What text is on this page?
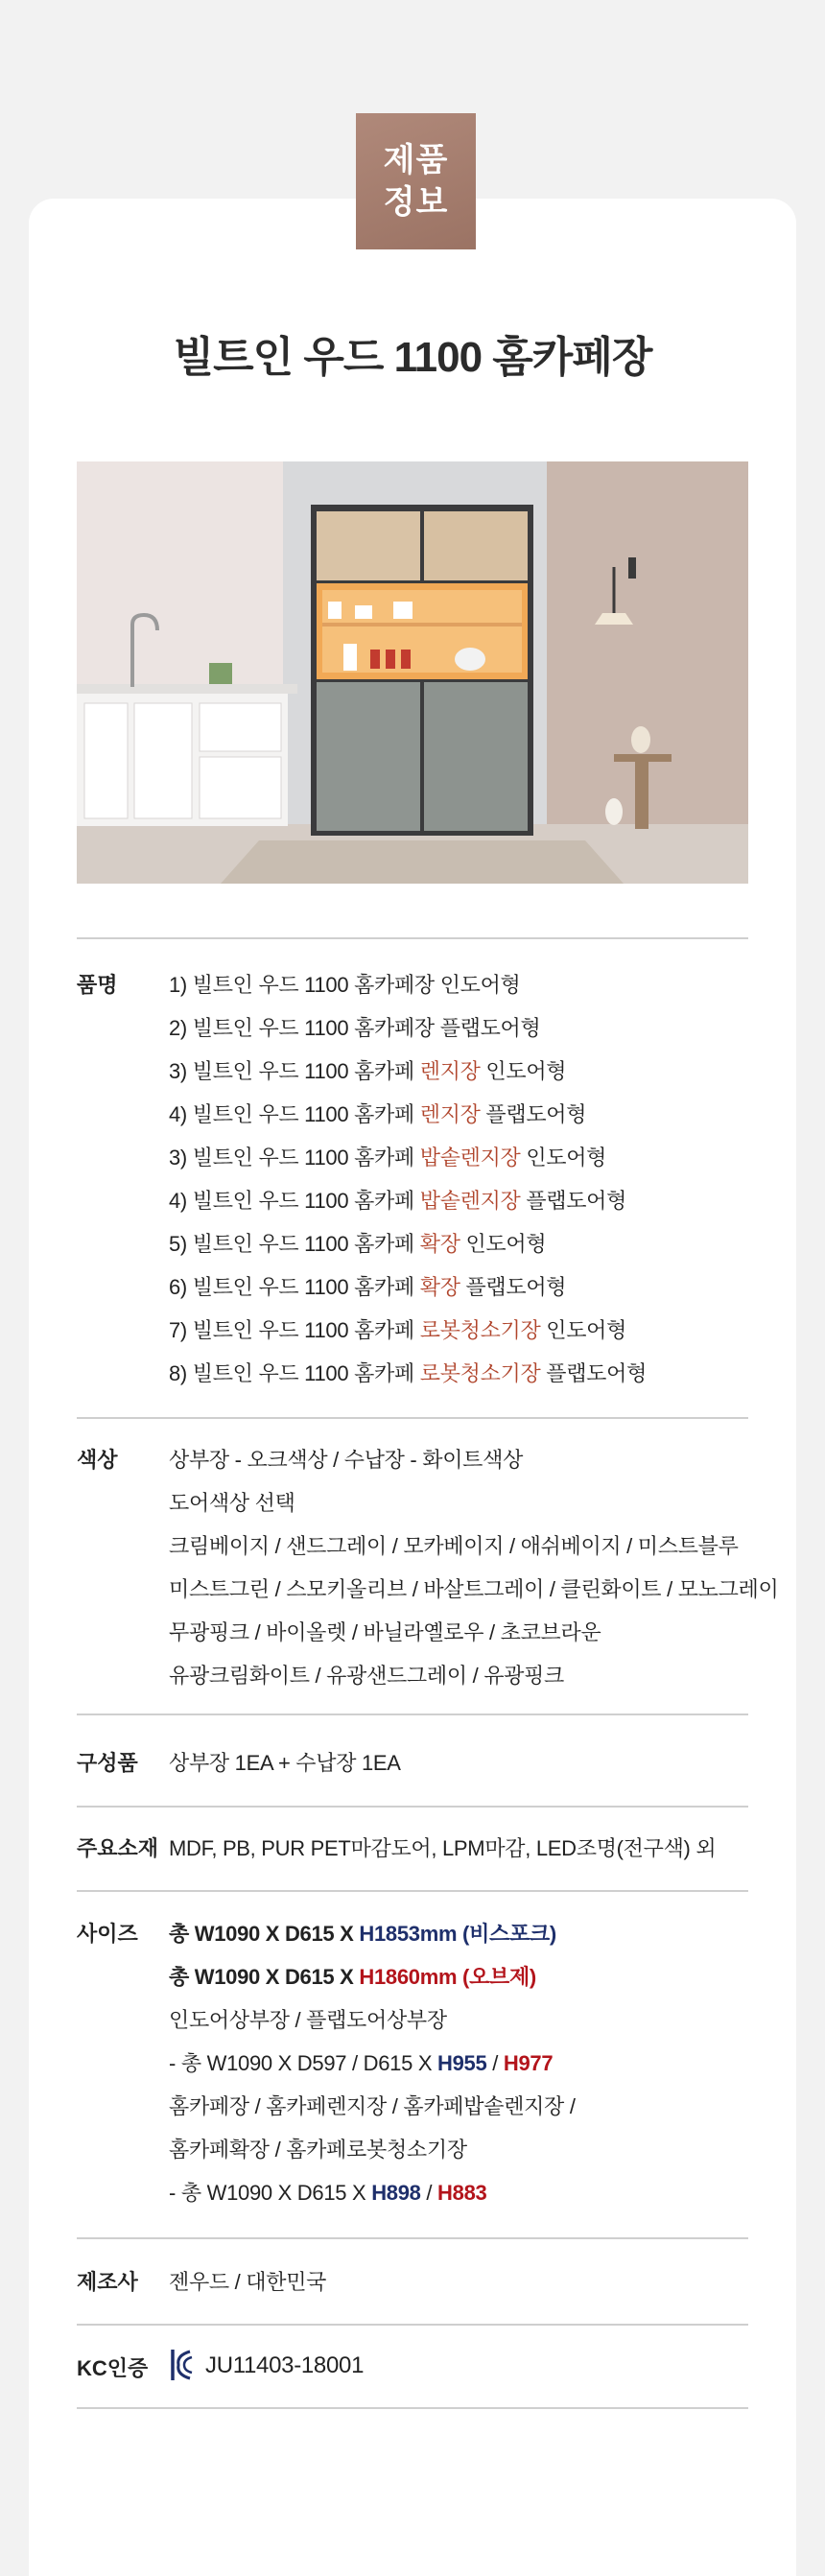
제품
정보
빌트인 우드 1100 홈카페장
품명 1) 빌트인 우드 1100 홈카페장 인도어형
2) 빌트인 우드 1100 홈카페장 플랩도어형
3) 빌트인 우드 1100 홈카페 렌지장 인도어형
4) 빌트인 우드 1100 홈카페 렌지장 플랩도어형
3) 빌트인 우드 1100 홈카페 밥솥렌지장 인도어형
4) 빌트인 우드 1100 홈카페 밥솥렌지장 플랩도어형
5) 빌트인 우드 1100 홈카페 확장 인도어형
6) 빌트인 우드 1100 홈카페 확장 플랩도어형
7) 빌트인 우드 1100 홈카페 로봇청소기장 인도어형
8) 빌트인 우드 1100 홈카페 로봇청소기장 플랩도어형
색상 상부장 - 오크색상 / 수납장 - 화이트색상
도어색상 선택
크림베이지 / 샌드그레이 / 모카베이지 / 애쉬베이지 / 미스트블루
미스트그린 / 스모키올리브 / 바살트그레이 / 클린화이트 / 모노그레이
무광핑크 / 바이올렛 / 바닐라옐로우 / 초코브라운
유광크림화이트 / 유광샌드그레이 / 유광핑크
구성품 상부장 1EA + 수납장 1EA
주요소재 MDF, PB, PUR PET마감도어, LPM마감, LED조명(전구색) 외
사이즈 총 W1090 X D615 X H1853mm (비스포크)
총 W1090 X D615 X H1860mm (오브제)
인도어상부장 / 플랩도어상부장
- 총 W1090 X D597 / D615 X H955 / H977
홈카페장 / 홈카페렌지장 / 홈카페밥솥렌지장 /
홈카페확장 / 홈카페로봇청소기장
- 총 W1090 X D615 X H898 / H883
제조사 젠우드 / 대한민국
KC인증 JU11403-18001
